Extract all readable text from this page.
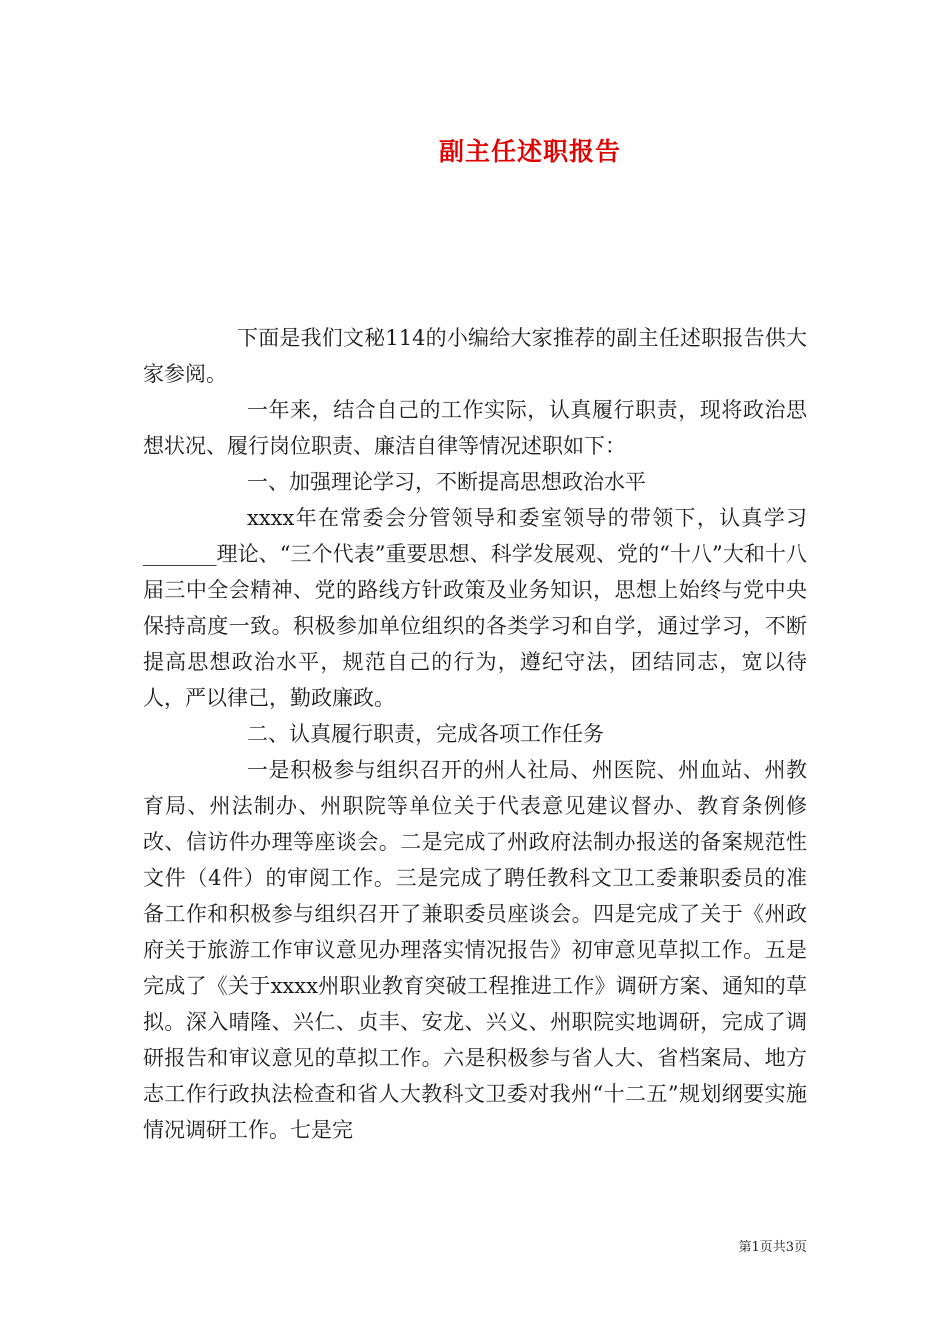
副主任述职报告

下面是我们文秘114的小编给大家推荐的副主任述职报告供大家参阅。

一年来，结合自己的工作实际，认真履行职责，现将政治思想状况、履行岗位职责、廉洁自律等情况述职如下：

一、加强理论学习，不断提高思想政治水平

xxxx年在常委会分管领导和委室领导的带领下，认真学习_______理论、“三个代表”重要思想、科学发展观、党的“十八”大和十八届三中全会精神、党的路线方针政策及业务知识，思想上始终与党中央保持高度一致。积极参加单位组织的各类学习和自学，通过学习，不断提高思想政治水平，规范自己的行为，遵纪守法，团结同志，宽以待人，严以律己，勤政廉政。

二、认真履行职责，完成各项工作任务

一是积极参与组织召开的州人社局、州医院、州血站、州教育局、州法制办、州职院等单位关于代表意见建议督办、教育条例修改、信访件办理等座谈会。二是完成了州政府法制办报送的备案规范性文件（4件）的审阅工作。三是完成了聘任教科文卫工委兼职委员的准备工作和积极参与组织召开了兼职委员座谈会。四是完成了关于《州政府关于旅游工作审议意见办理落实情况报告》初审意见草拟工作。五是完成了《关于xxxx州职业教育突破工程推进工作》调研方案、通知的草拟。深入晴隆、兴仁、贞丰、安龙、兴义、州职院实地调研，完成了调研报告和审议意见的草拟工作。六是积极参与省人大、省档案局、地方志工作行政执法检查和省人大教科文卫委对我州“十二五”规划纲要实施情况调研工作。七是完

第1页共3页
